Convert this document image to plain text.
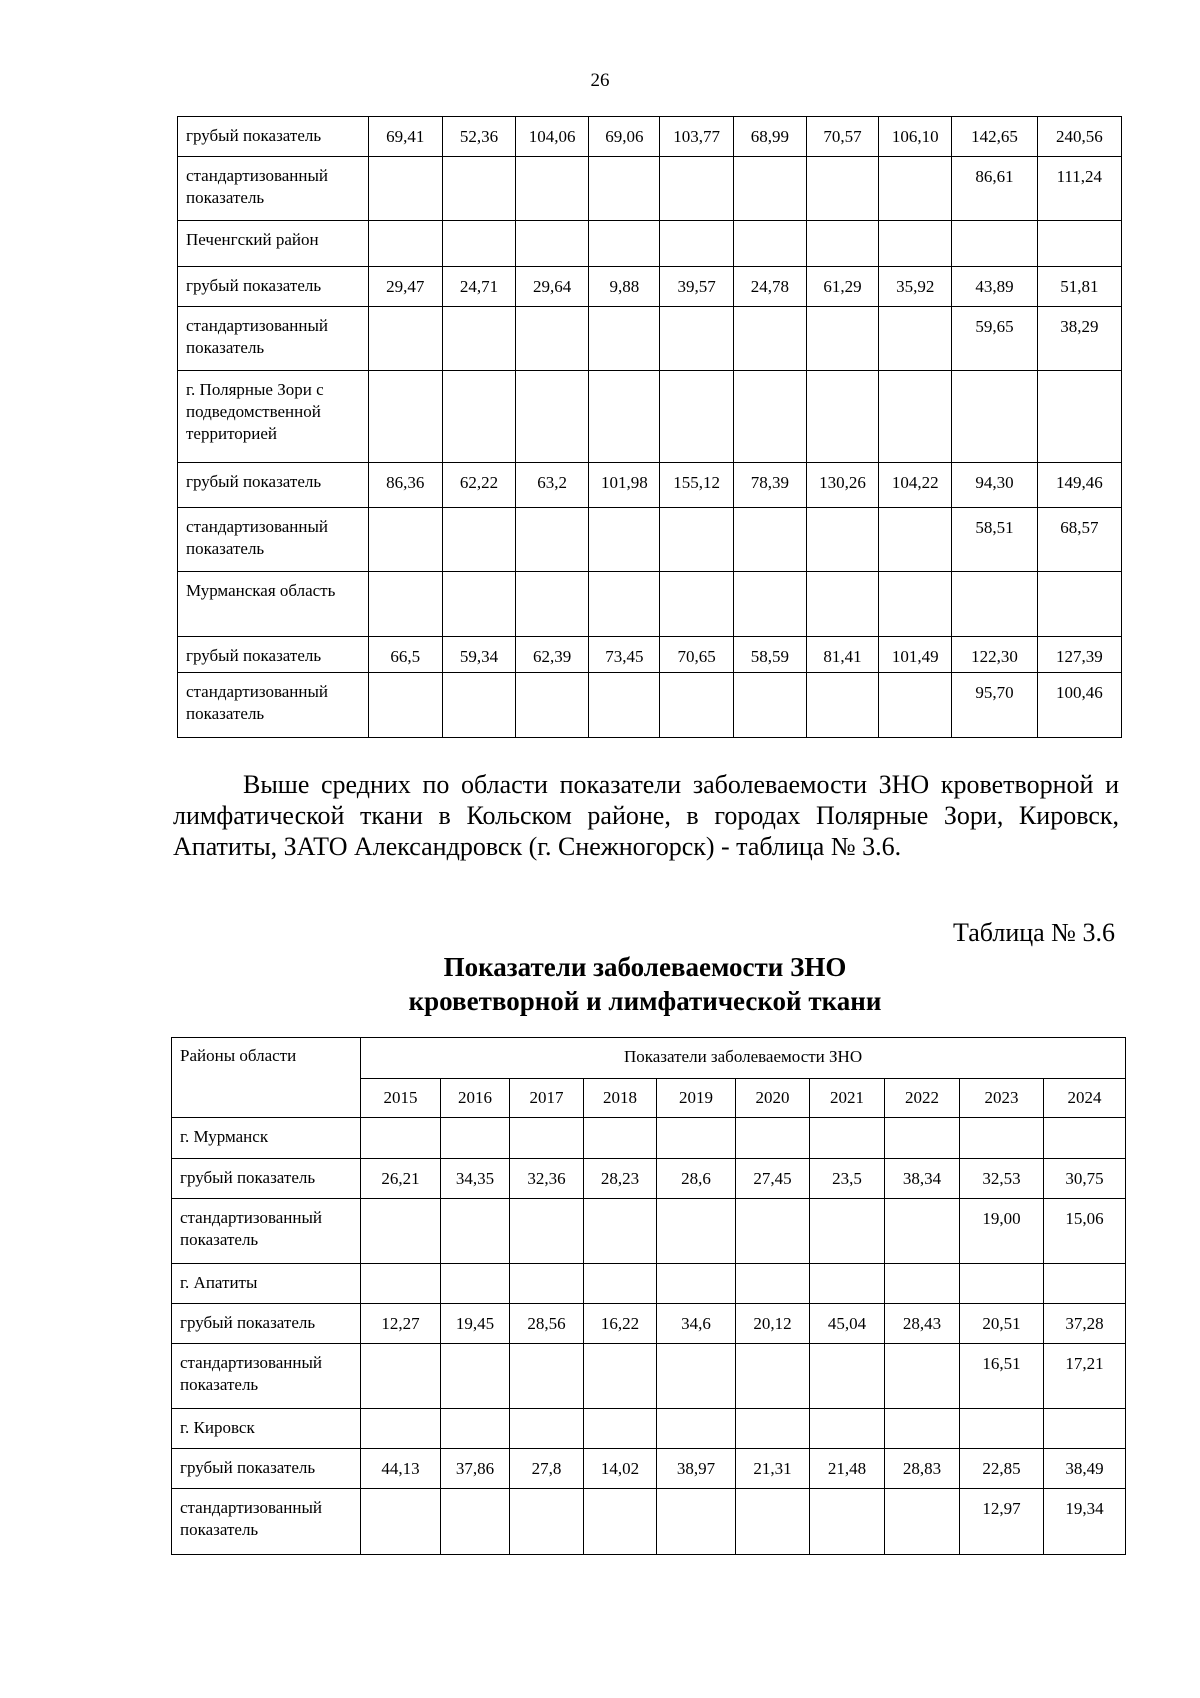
26
грубый показатель	69,41	52,36	104,06	69,06	103,77	68,99	70,57	106,10	142,65	240,56
стандартизованный показатель									86,61	111,24
Печенгский район										
грубый показатель	29,47	24,71	29,64	9,88	39,57	24,78	61,29	35,92	43,89	51,81
стандартизованный показатель									59,65	38,29
г. Полярные Зори с подведомственной территорией										
грубый показатель	86,36	62,22	63,2	101,98	155,12	78,39	130,26	104,22	94,30	149,46
стандартизованный показатель									58,51	68,57
Мурманская область										
грубый показатель	66,5	59,34	62,39	73,45	70,65	58,59	81,41	101,49	122,30	127,39
стандартизованный показатель									95,70	100,46
Выше средних по области показатели заболеваемости ЗНО кроветворной и лимфатической ткани в Кольском районе, в городах Полярные Зори, Кировск, Апатиты, ЗАТО Александровск (г. Снежногорск) - таблица № 3.6.
Таблица № 3.6
Показатели заболеваемости ЗНО
кроветворной и лимфатической ткани
Районы области	Показатели заболеваемости ЗНО									
	2015	2016	2017	2018	2019	2020	2021	2022	2023	2024
г. Мурманск										
грубый показатель	26,21	34,35	32,36	28,23	28,6	27,45	23,5	38,34	32,53	30,75
стандартизованный показатель									19,00	15,06
г. Апатиты										
грубый показатель	12,27	19,45	28,56	16,22	34,6	20,12	45,04	28,43	20,51	37,28
стандартизованный показатель									16,51	17,21
г. Кировск										
грубый показатель	44,13	37,86	27,8	14,02	38,97	21,31	21,48	28,83	22,85	38,49
стандартизованный показатель									12,97	19,34
